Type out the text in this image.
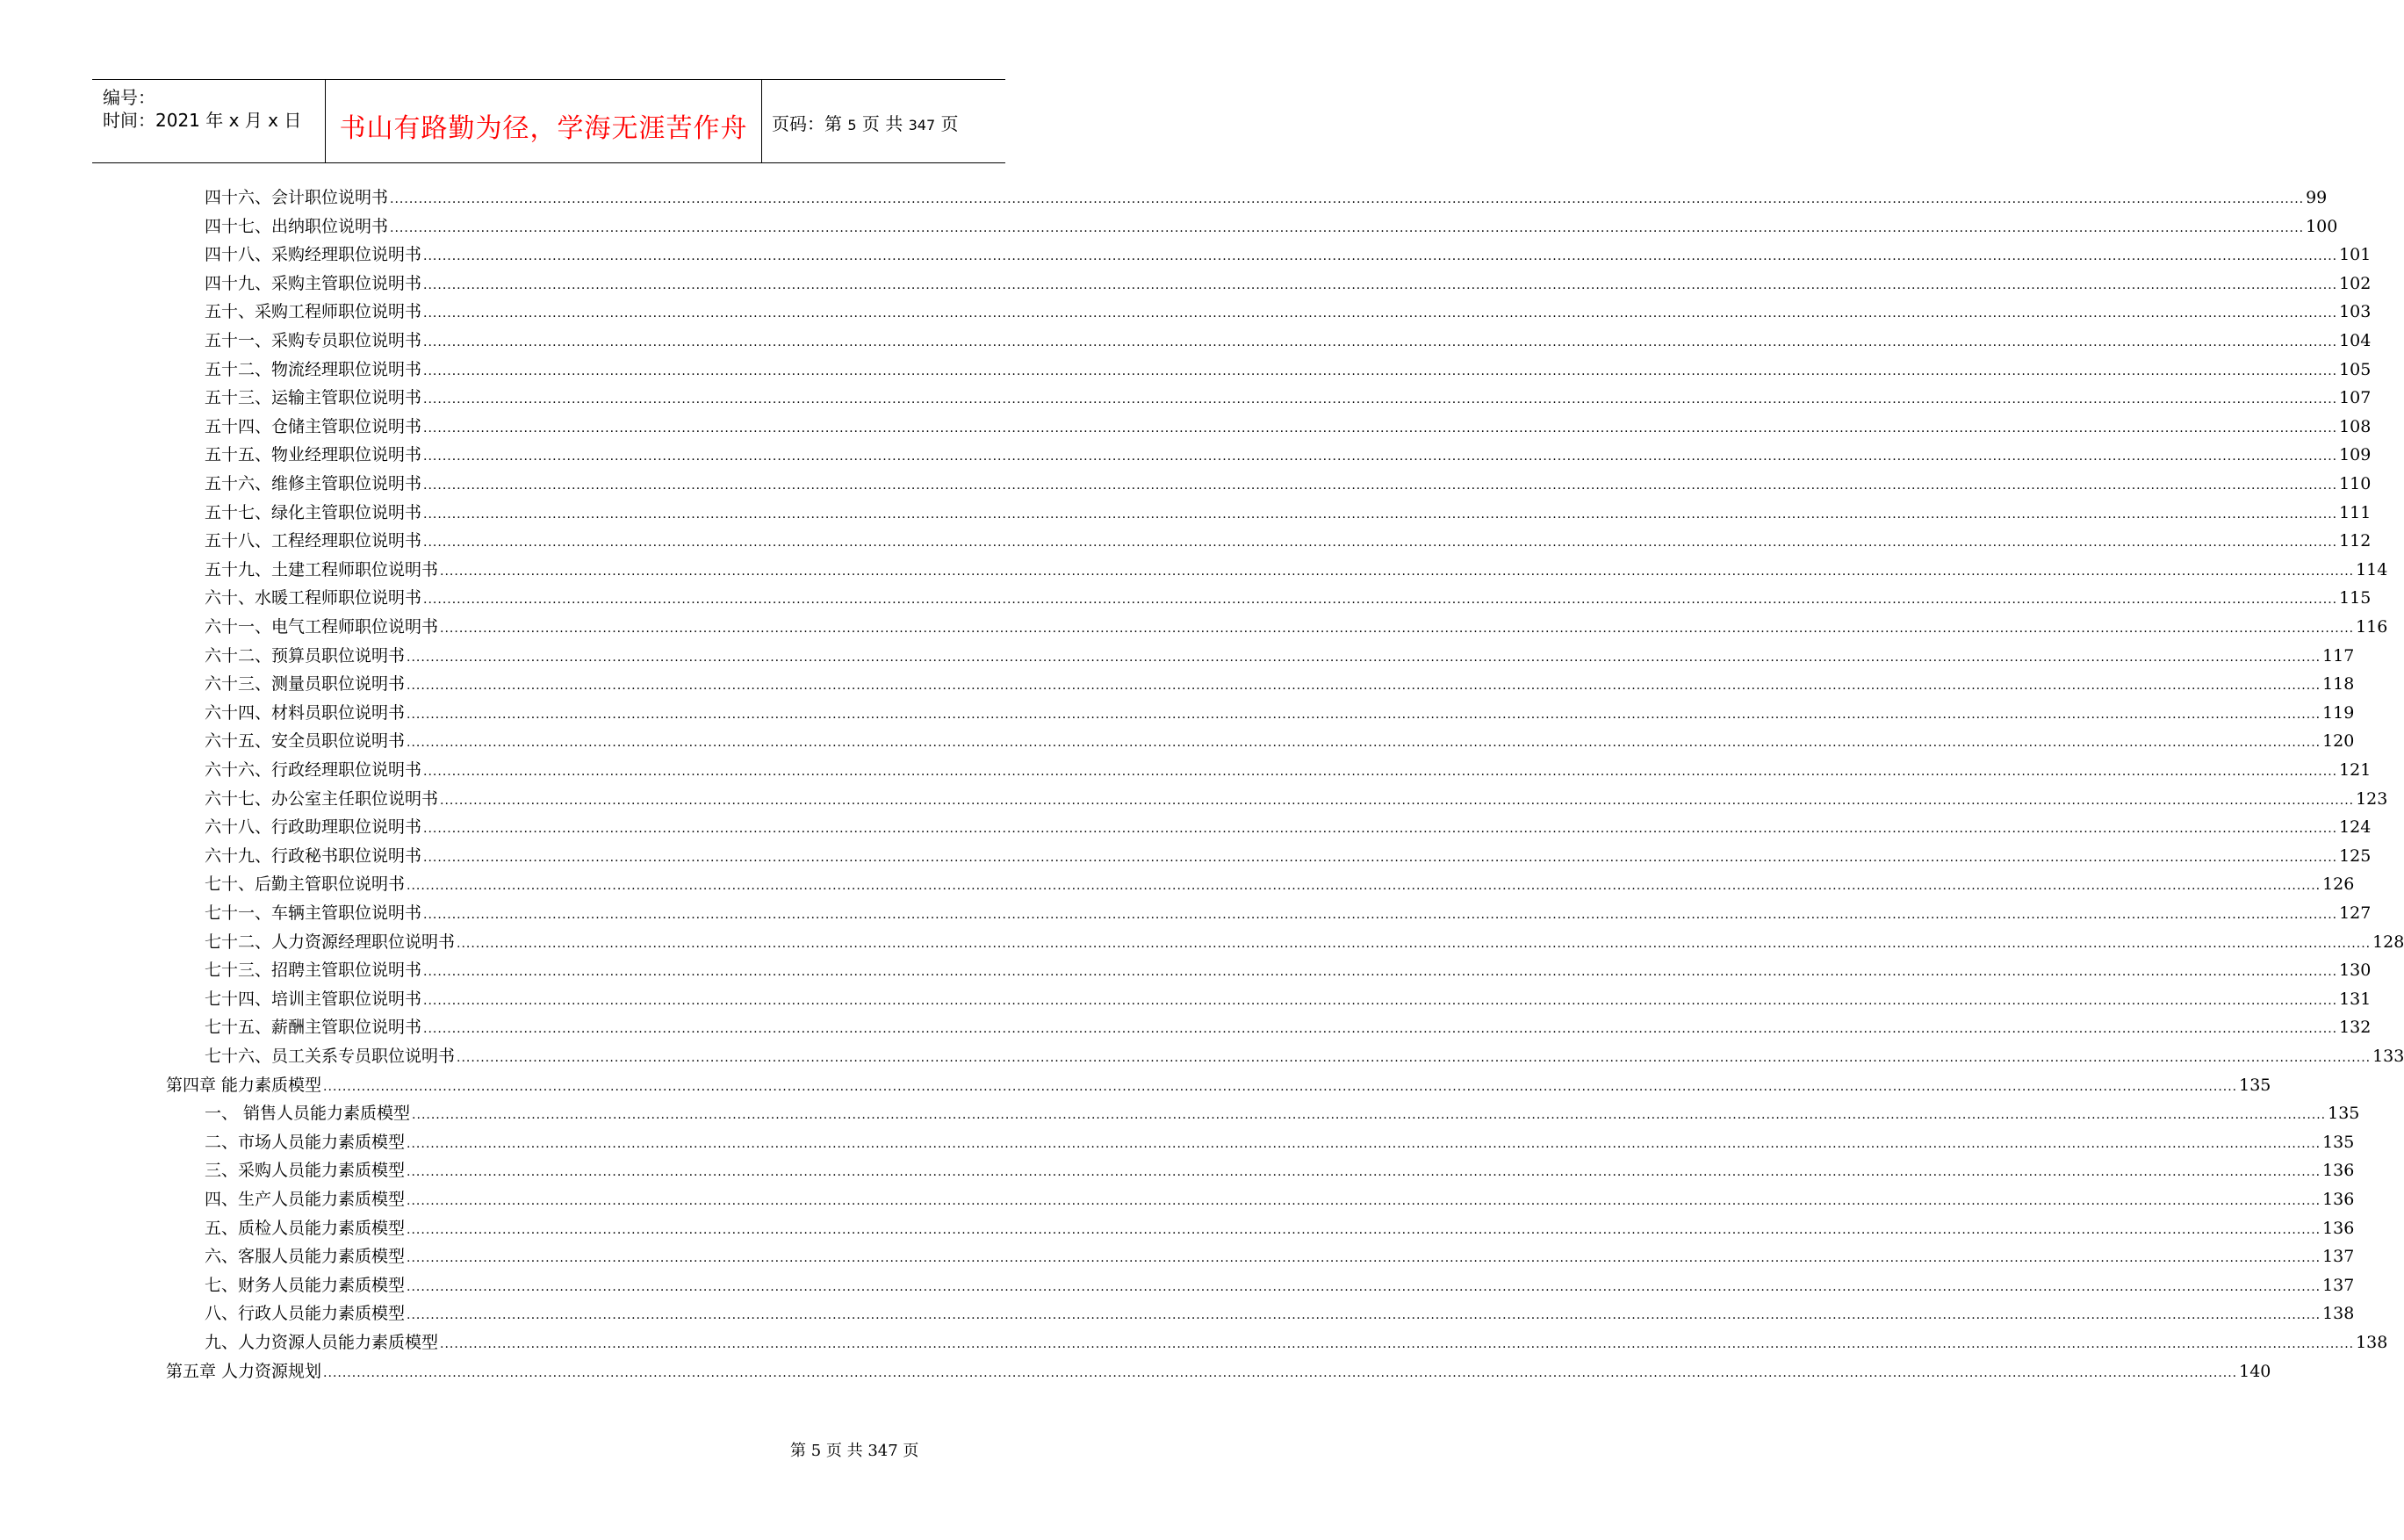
编号：
时间：2021 年 x 月 x 日	书山有路勤为径，学海无涯苦作舟	页码：第 5 页 共 347 页
四十六、会计职位说明书 ................................................................................................................................................................................................................................................................................................................................................................................................................ 99
四十七、出纳职位说明书 ................................................................................................................................................................................................................................................................................................................................................................................................................ 100
四十八、采购经理职位说明书 ................................................................................................................................................................................................................................................................................................................................................................................................................ 101
四十九、采购主管职位说明书 ................................................................................................................................................................................................................................................................................................................................................................................................................ 102
五十、采购工程师职位说明书 ................................................................................................................................................................................................................................................................................................................................................................................................................ 103
五十一、采购专员职位说明书 ................................................................................................................................................................................................................................................................................................................................................................................................................ 104
五十二、物流经理职位说明书 ................................................................................................................................................................................................................................................................................................................................................................................................................ 105
五十三、运输主管职位说明书 ................................................................................................................................................................................................................................................................................................................................................................................................................ 107
五十四、仓储主管职位说明书 ................................................................................................................................................................................................................................................................................................................................................................................................................ 108
五十五、物业经理职位说明书 ................................................................................................................................................................................................................................................................................................................................................................................................................ 109
五十六、维修主管职位说明书 ................................................................................................................................................................................................................................................................................................................................................................................................................ 110
五十七、绿化主管职位说明书 ................................................................................................................................................................................................................................................................................................................................................................................................................ 111
五十八、工程经理职位说明书 ................................................................................................................................................................................................................................................................................................................................................................................................................ 112
五十九、土建工程师职位说明书 ................................................................................................................................................................................................................................................................................................................................................................................................................ 114
六十、水暖工程师职位说明书 ................................................................................................................................................................................................................................................................................................................................................................................................................ 115
六十一、电气工程师职位说明书 ................................................................................................................................................................................................................................................................................................................................................................................................................ 116
六十二、预算员职位说明书 ................................................................................................................................................................................................................................................................................................................................................................................................................ 117
六十三、测量员职位说明书 ................................................................................................................................................................................................................................................................................................................................................................................................................ 118
六十四、材料员职位说明书 ................................................................................................................................................................................................................................................................................................................................................................................................................ 119
六十五、安全员职位说明书 ................................................................................................................................................................................................................................................................................................................................................................................................................ 120
六十六、行政经理职位说明书 ................................................................................................................................................................................................................................................................................................................................................................................................................ 121
六十七、办公室主任职位说明书 ................................................................................................................................................................................................................................................................................................................................................................................................................ 123
六十八、行政助理职位说明书 ................................................................................................................................................................................................................................................................................................................................................................................................................ 124
六十九、行政秘书职位说明书 ................................................................................................................................................................................................................................................................................................................................................................................................................ 125
七十、后勤主管职位说明书 ................................................................................................................................................................................................................................................................................................................................................................................................................ 126
七十一、车辆主管职位说明书 ................................................................................................................................................................................................................................................................................................................................................................................................................ 127
七十二、人力资源经理职位说明书 ................................................................................................................................................................................................................................................................................................................................................................................................................ 128
七十三、招聘主管职位说明书 ................................................................................................................................................................................................................................................................................................................................................................................................................ 130
七十四、培训主管职位说明书 ................................................................................................................................................................................................................................................................................................................................................................................................................ 131
七十五、薪酬主管职位说明书 ................................................................................................................................................................................................................................................................................................................................................................................................................ 132
七十六、员工关系专员职位说明书 ................................................................................................................................................................................................................................................................................................................................................................................................................ 133
第四章 能力素质模型 ................................................................................................................................................................................................................................................................................................................................................................................................................ 135
一、 销售人员能力素质模型 ................................................................................................................................................................................................................................................................................................................................................................................................................ 135
二、市场人员能力素质模型 ................................................................................................................................................................................................................................................................................................................................................................................................................ 135
三、采购人员能力素质模型 ................................................................................................................................................................................................................................................................................................................................................................................................................ 136
四、生产人员能力素质模型 ................................................................................................................................................................................................................................................................................................................................................................................................................ 136
五、质检人员能力素质模型 ................................................................................................................................................................................................................................................................................................................................................................................................................ 136
六、客服人员能力素质模型 ................................................................................................................................................................................................................................................................................................................................................................................................................ 137
七、财务人员能力素质模型 ................................................................................................................................................................................................................................................................................................................................................................................................................ 137
八、行政人员能力素质模型 ................................................................................................................................................................................................................................................................................................................................................................................................................ 138
九、人力资源人员能力素质模型 ................................................................................................................................................................................................................................................................................................................................................................................................................ 138
第五章 人力资源规划 ................................................................................................................................................................................................................................................................................................................................................................................................................ 140
第 5 页 共 347 页
